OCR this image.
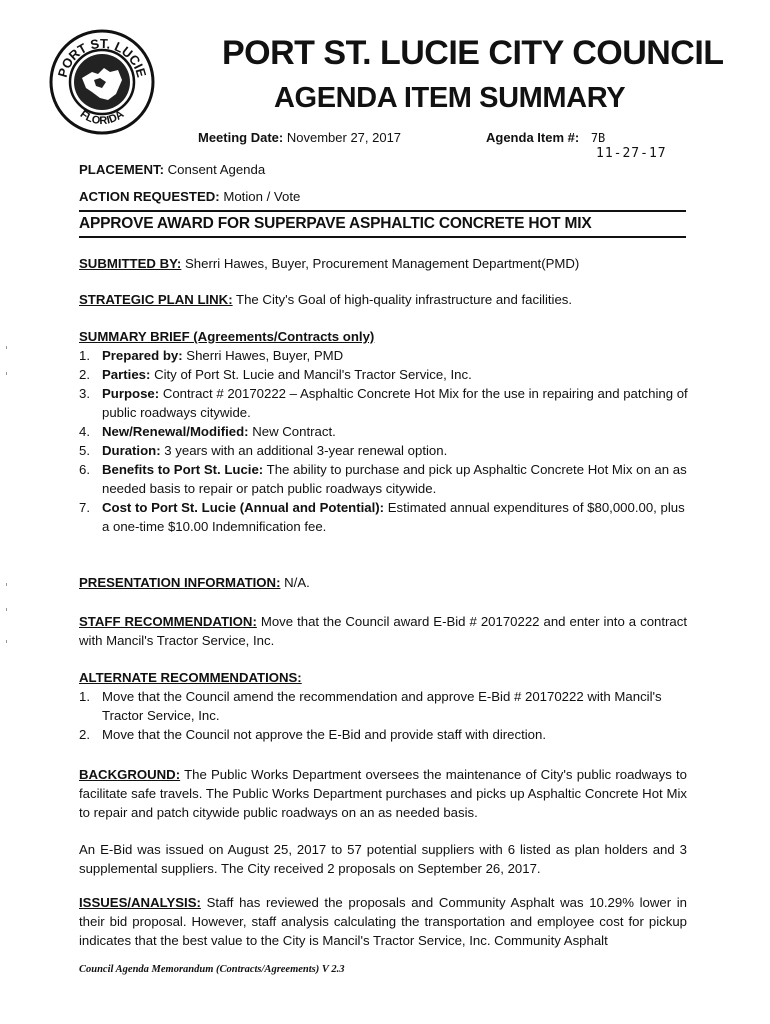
PORT ST. LUCIE
FLORIDA
PORT ST. LUCIE CITY COUNCIL
AGENDA ITEM SUMMARY
Meeting Date: November 27, 2017	Agenda Item #: 7B
11-27-17
PLACEMENT: Consent Agenda
ACTION REQUESTED: Motion / Vote
APPROVE AWARD FOR SUPERPAVE ASPHALTIC CONCRETE HOT MIX
SUBMITTED BY: Sherri Hawes, Buyer, Procurement Management Department(PMD)
STRATEGIC PLAN LINK: The City's Goal of high-quality infrastructure and facilities.
SUMMARY BRIEF (Agreements/Contracts only)
1. Prepared by: Sherri Hawes, Buyer, PMD
2. Parties: City of Port St. Lucie and Mancil's Tractor Service, Inc.
3. Purpose: Contract # 20170222 – Asphaltic Concrete Hot Mix for the use in repairing and patching of public roadways citywide.
4. New/Renewal/Modified: New Contract.
5. Duration: 3 years with an additional 3-year renewal option.
6. Benefits to Port St. Lucie: The ability to purchase and pick up Asphaltic Concrete Hot Mix on an as needed basis to repair or patch public roadways citywide.
7. Cost to Port St. Lucie (Annual and Potential): Estimated annual expenditures of $80,000.00, plus a one-time $10.00 Indemnification fee.
PRESENTATION INFORMATION: N/A.
STAFF RECOMMENDATION: Move that the Council award E-Bid # 20170222 and enter into a contract with Mancil's Tractor Service, Inc.
ALTERNATE RECOMMENDATIONS:
1. Move that the Council amend the recommendation and approve E-Bid # 20170222 with Mancil's Tractor Service, Inc.
2. Move that the Council not approve the E-Bid and provide staff with direction.
BACKGROUND: The Public Works Department oversees the maintenance of City's public roadways to facilitate safe travels. The Public Works Department purchases and picks up Asphaltic Concrete Hot Mix to repair and patch citywide public roadways on an as needed basis.
An E-Bid was issued on August 25, 2017 to 57 potential suppliers with 6 listed as plan holders and 3 supplemental suppliers. The City received 2 proposals on September 26, 2017.
ISSUES/ANALYSIS: Staff has reviewed the proposals and Community Asphalt was 10.29% lower in their bid proposal. However, staff analysis calculating the transportation and employee cost for pickup indicates that the best value to the City is Mancil's Tractor Service, Inc. Community Asphalt
Council Agenda Memorandum (Contracts/Agreements) V 2.3
